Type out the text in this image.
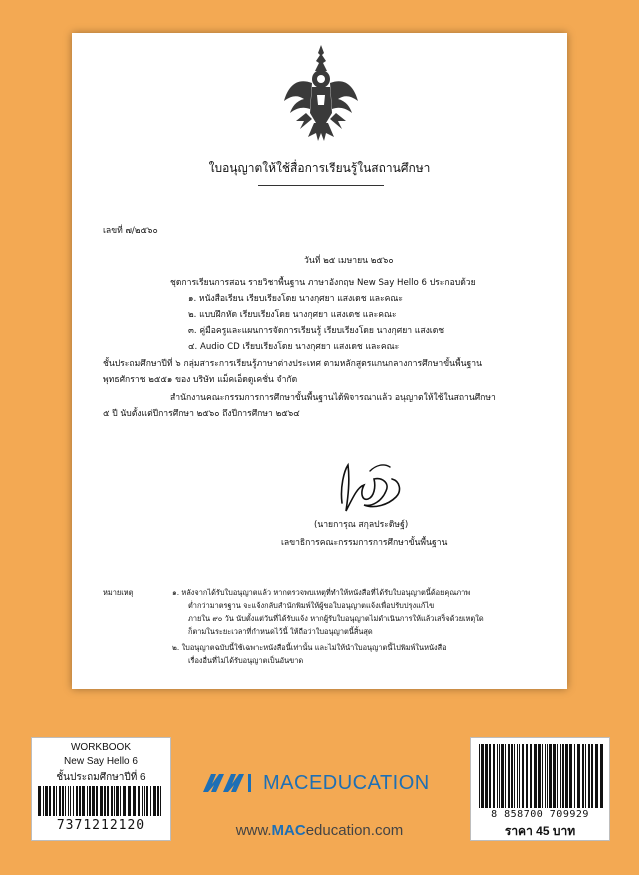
ใบอนุญาตให้ใช้สื่อการเรียนรู้ในสถานศึกษา
เลขที่ ๗/๒๕๖๐
วันที่ ๒๕ เมษายน ๒๕๖๐
ชุดการเรียนการสอน รายวิชาพื้นฐาน ภาษาอังกฤษ New Say Hello 6 ประกอบด้วย
๑. หนังสือเรียน เรียบเรียงโดย นางกุศยา แสงเดช และคณะ
๒. แบบฝึกหัด เรียบเรียงโดย นางกุศยา แสงเดช และคณะ
๓. คู่มือครูและแผนการจัดการเรียนรู้ เรียบเรียงโดย นางกุศยา แสงเดช
๔. Audio CD เรียบเรียงโดย นางกุศยา แสงเดช และคณะ
ชั้นประถมศึกษาปีที่ ๖ กลุ่มสาระการเรียนรู้ภาษาต่างประเทศ ตามหลักสูตรแกนกลางการศึกษาขั้นพื้นฐาน
พุทธศักราช ๒๕๕๑ ของ บริษัท แม็คเอ็ดดูเคชั่น จำกัด
สำนักงานคณะกรรมการการศึกษาขั้นพื้นฐานได้พิจารณาแล้ว อนุญาตให้ใช้ในสถานศึกษา
๕ ปี นับตั้งแต่ปีการศึกษา ๒๕๖๐ ถึงปีการศึกษา ๒๕๖๔
(นายการุณ สกุลประดิษฐ์)
เลขาธิการคณะกรรมการการศึกษาขั้นพื้นฐาน
หมายเหตุ	๑. หลังจากได้รับใบอนุญาตแล้ว หากตรวจพบเหตุที่ทำให้หนังสือที่ได้รับใบอนุญาตนี้ด้อยคุณภาพ
ต่ำกว่ามาตรฐาน จะแจ้งกลับสำนักพิมพ์ให้ผู้ขอใบอนุญาตแจ้งเพื่อปรับปรุงแก้ไข
ภายใน ๙๐ วัน นับตั้งแต่วันที่ได้รับแจ้ง หากผู้รับใบอนุญาตไม่ดำเนินการให้แล้วเสร็จด้วยเหตุใด
ก็ตามในระยะเวลาที่กำหนดไว้นี้ ให้ถือว่าใบอนุญาตนี้สิ้นสุด
๒. ใบอนุญาตฉบับนี้ใช้เฉพาะหนังสือนี้เท่านั้น และไม่ให้นำใบอนุญาตนี้ไปพิมพ์ในหนังสือ
เรื่องอื่นที่ไม่ได้รับอนุญาตเป็นอันขาด
WORKBOOK
New Say Hello 6
ชั้นประถมศึกษาปีที่ 6
7371212120
8 858700 709929
ราคา 45 บาท
MACEDUCATION
www.MACeducation.com
